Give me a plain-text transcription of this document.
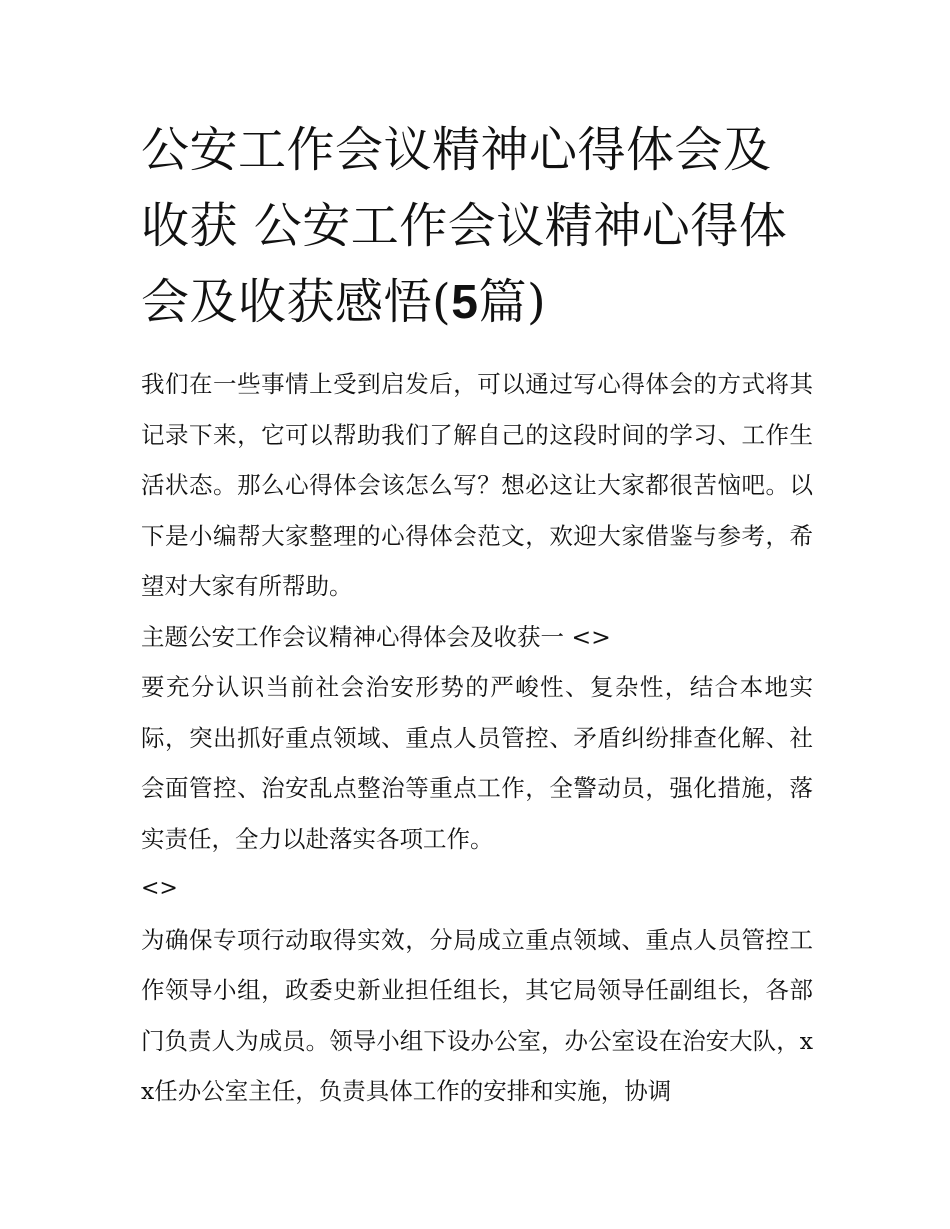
公安工作会议精神心得体会及收获 公安工作会议精神心得体会及收获感悟(5篇)

我们在一些事情上受到启发后，可以通过写心得体会的方式将其记录下来，它可以帮助我们了解自己的这段时间的学习、工作生活状态。那么心得体会该怎么写？想必这让大家都很苦恼吧。以下是小编帮大家整理的心得体会范文，欢迎大家借鉴与参考，希望对大家有所帮助。

主题公安工作会议精神心得体会及收获一 <>

要充分认识当前社会治安形势的严峻性、复杂性，结合本地实际，突出抓好重点领域、重点人员管控、矛盾纠纷排查化解、社会面管控、治安乱点整治等重点工作，全警动员，强化措施，落实责任，全力以赴落实各项工作。

<>

为确保专项行动取得实效，分局成立重点领域、重点人员管控工作领导小组，政委史新业担任组长，其它局领导任副组长，各部门负责人为成员。领导小组下设办公室，办公室设在治安大队，xx任办公室主任，负责具体工作的安排和实施，协调
